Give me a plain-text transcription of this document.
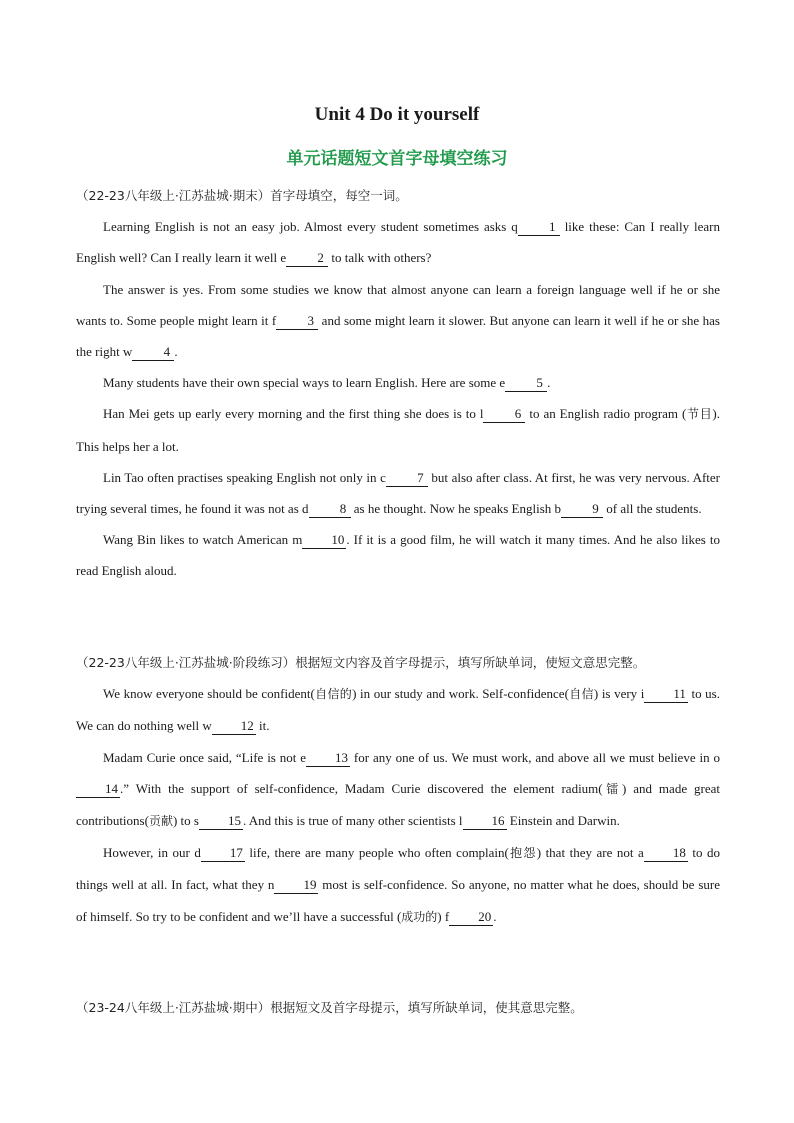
Unit 4 Do it yourself
单元话题短文首字母填空练习
（22-23八年级上·江苏盐城·期末）首字母填空，每空一词。
Learning English is not an easy job. Almost every student sometimes asks q 1 like these: Can I really learn English well? Can I really learn it well e 2 to talk with others?
The answer is yes. From some studies we know that almost anyone can learn a foreign language well if he or she wants to. Some people might learn it f 3 and some might learn it slower. But anyone can learn it well if he or she has the right w 4 .
Many students have their own special ways to learn English. Here are some e 5 .
Han Mei gets up early every morning and the first thing she does is to l 6 to an English radio program (节目). This helps her a lot.
Lin Tao often practises speaking English not only in c 7 but also after class. At first, he was very nervous. After trying several times, he found it was not as d 8 as he thought. Now he speaks English b 9 of all the students.
Wang Bin likes to watch American m 10 . If it is a good film, he will watch it many times. And he also likes to read English aloud.
（22-23八年级上·江苏盐城·阶段练习）根据短文内容及首字母提示，填写所缺单词，使短文意思完整。
We know everyone should be confident(自信的) in our study and work. Self-confidence(自信) is very i 11 to us. We can do nothing well w 12 it.
Madam Curie once said, “Life is not e 13 for any one of us. We must work, and above all we must believe in o14 .” With the support of self-confidence, Madam Curie discovered the element radium(镭) and made great contributions(贡献) to s 15 . And this is true of many other scientists l 16 Einstein and Darwin.
However, in our d 17 life, there are many people who often complain(抱怨) that they are not a 18 to do things well at all. In fact, what they n 19 most is self-confidence. So anyone, no matter what he does, should be sure of himself. So try to be confident and we’ll have a successful (成功的) f 20 .
（23-24八年级上·江苏盐城·期中）根据短文及首字母提示，填写所缺单词，使其意思完整。
